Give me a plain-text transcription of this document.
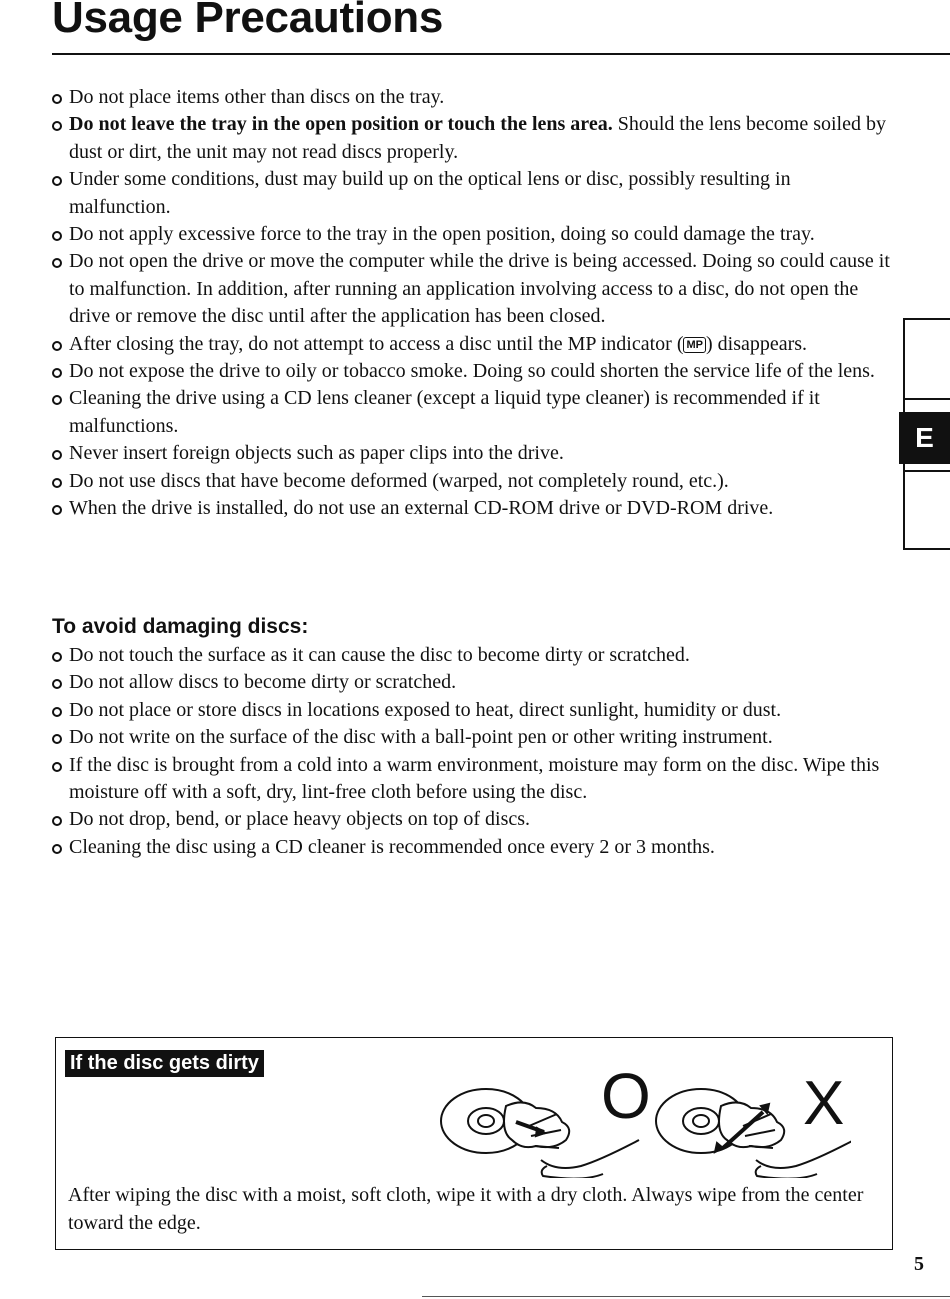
Usage Precautions
Do not place items other than discs on the tray.
Do not leave the tray in the open position or touch the lens area. Should the lens become soiled by dust or dirt, the unit may not read discs properly.
Under some conditions, dust may build up on the optical lens or disc, possibly resulting in malfunction.
Do not apply excessive force to the tray in the open position, doing so could damage the tray.
Do not open the drive or move the computer while the drive is being accessed. Doing so could cause it to malfunction. In addition, after running an application involving access to a disc, do not open the drive or remove the disc until after the application has been closed.
After closing the tray, do not attempt to access a disc until the MP indicator ( MP ) disappears.
Do not expose the drive to oily or tobacco smoke. Doing so could shorten the service life of the lens.
Cleaning the drive using a CD lens cleaner (except a liquid type cleaner) is recommended if it malfunctions.
Never insert foreign objects such as paper clips into the drive.
Do not use discs that have become deformed (warped, not completely round, etc.).
When the drive is installed, do not use an external CD-ROM drive or DVD-ROM drive.
To avoid damaging discs:
Do not touch the surface as it can cause the disc to become dirty or scratched.
Do not allow discs to become dirty or scratched.
Do not place or store discs in locations exposed to heat, direct sunlight, humidity or dust.
Do not write on the surface of the disc with a ball-point pen or other writing instrument.
If the disc is brought from a cold into a warm environment, moisture may form on the disc. Wipe this moisture off with a soft, dry, lint-free cloth before using the disc.
Do not drop, bend, or place heavy objects on top of discs.
Cleaning the disc using a CD cleaner is recommended once every 2 or 3 months.
E
If the disc gets dirty	O X

After wiping the disc with a moist, soft cloth, wipe it with a dry cloth. Always wipe from the center toward the edge.

5
